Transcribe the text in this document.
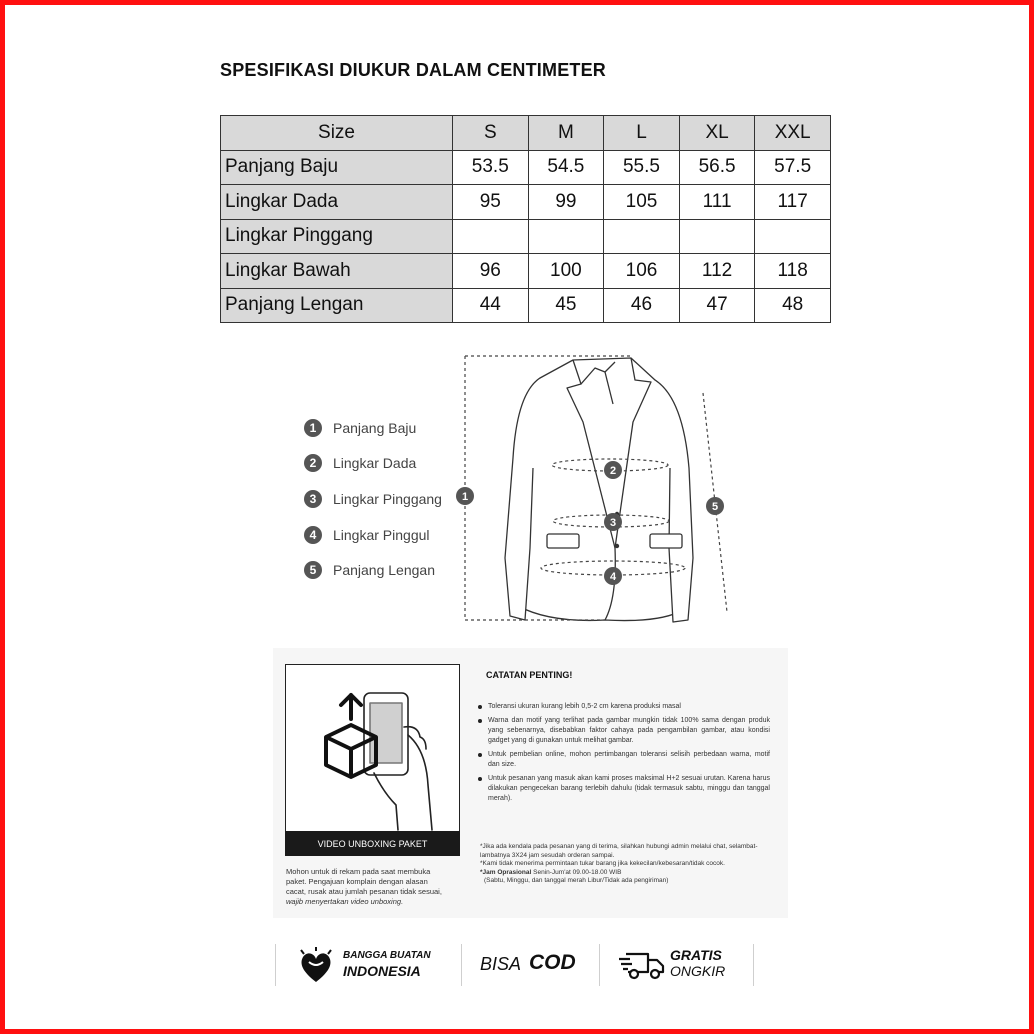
SPESIFIKASI DIUKUR DALAM CENTIMETER
Size	S	M	L	XL	XXL
Panjang Baju	53.5	54.5	55.5	56.5	57.5
Lingkar Dada	95	99	105	111	117
Lingkar Pinggang					
Lingkar Bawah	96	100	106	112	118
Panjang Lengan	44	45	46	47	48
1	Panjang Baju
2	Lingkar Dada
3	Lingkar Pinggang
4	Lingkar Pinggul
5	Panjang Lengan
1
2
3
4
5
VIDEO UNBOXING PAKET
Mohon untuk di rekam pada saat membuka
paket. Pengajuan komplain dengan alasan
cacat, rusak atau jumlah pesanan tidak sesuai,
wajib menyertakan video unboxing.
CATATAN PENTING!
Toleransi ukuran kurang lebih 0,5-2 cm karena produksi masal
Warna dan motif yang terlihat pada gambar mungkin tidak 100% sama dengan produk yang sebenarnya, disebabkan faktor cahaya pada pengambilan gambar, atau kondisi gadget yang di gunakan untuk melihat gambar.
Untuk pembelian online, mohon pertimbangan toleransi selisih perbedaan warna, motif dan size.
Untuk pesanan yang masuk akan kami proses maksimal H+2 sesuai urutan. Karena harus dilakukan pengecekan barang terlebih dahulu (tidak termasuk sabtu, minggu dan tanggal merah).

*Jika ada kendala pada pesanan yang di terima, silahkan hubungi admin melalui chat, selambat-lambatnya 3X24 jam sesudah orderan sampai.

*Kami tidak menerima permintaan tukar barang jika kekecilan/kebesaran/tidak cocok.

*Jam Oprasional Senin-Jum'at 09.00-18.00 WIB

(Sabtu, Minggu, dan tanggal merah Libur/Tidak ada pengiriman)

BANGGA BUATAN
INDONESIA	BISA COD	GRATIS
ONGKIR
